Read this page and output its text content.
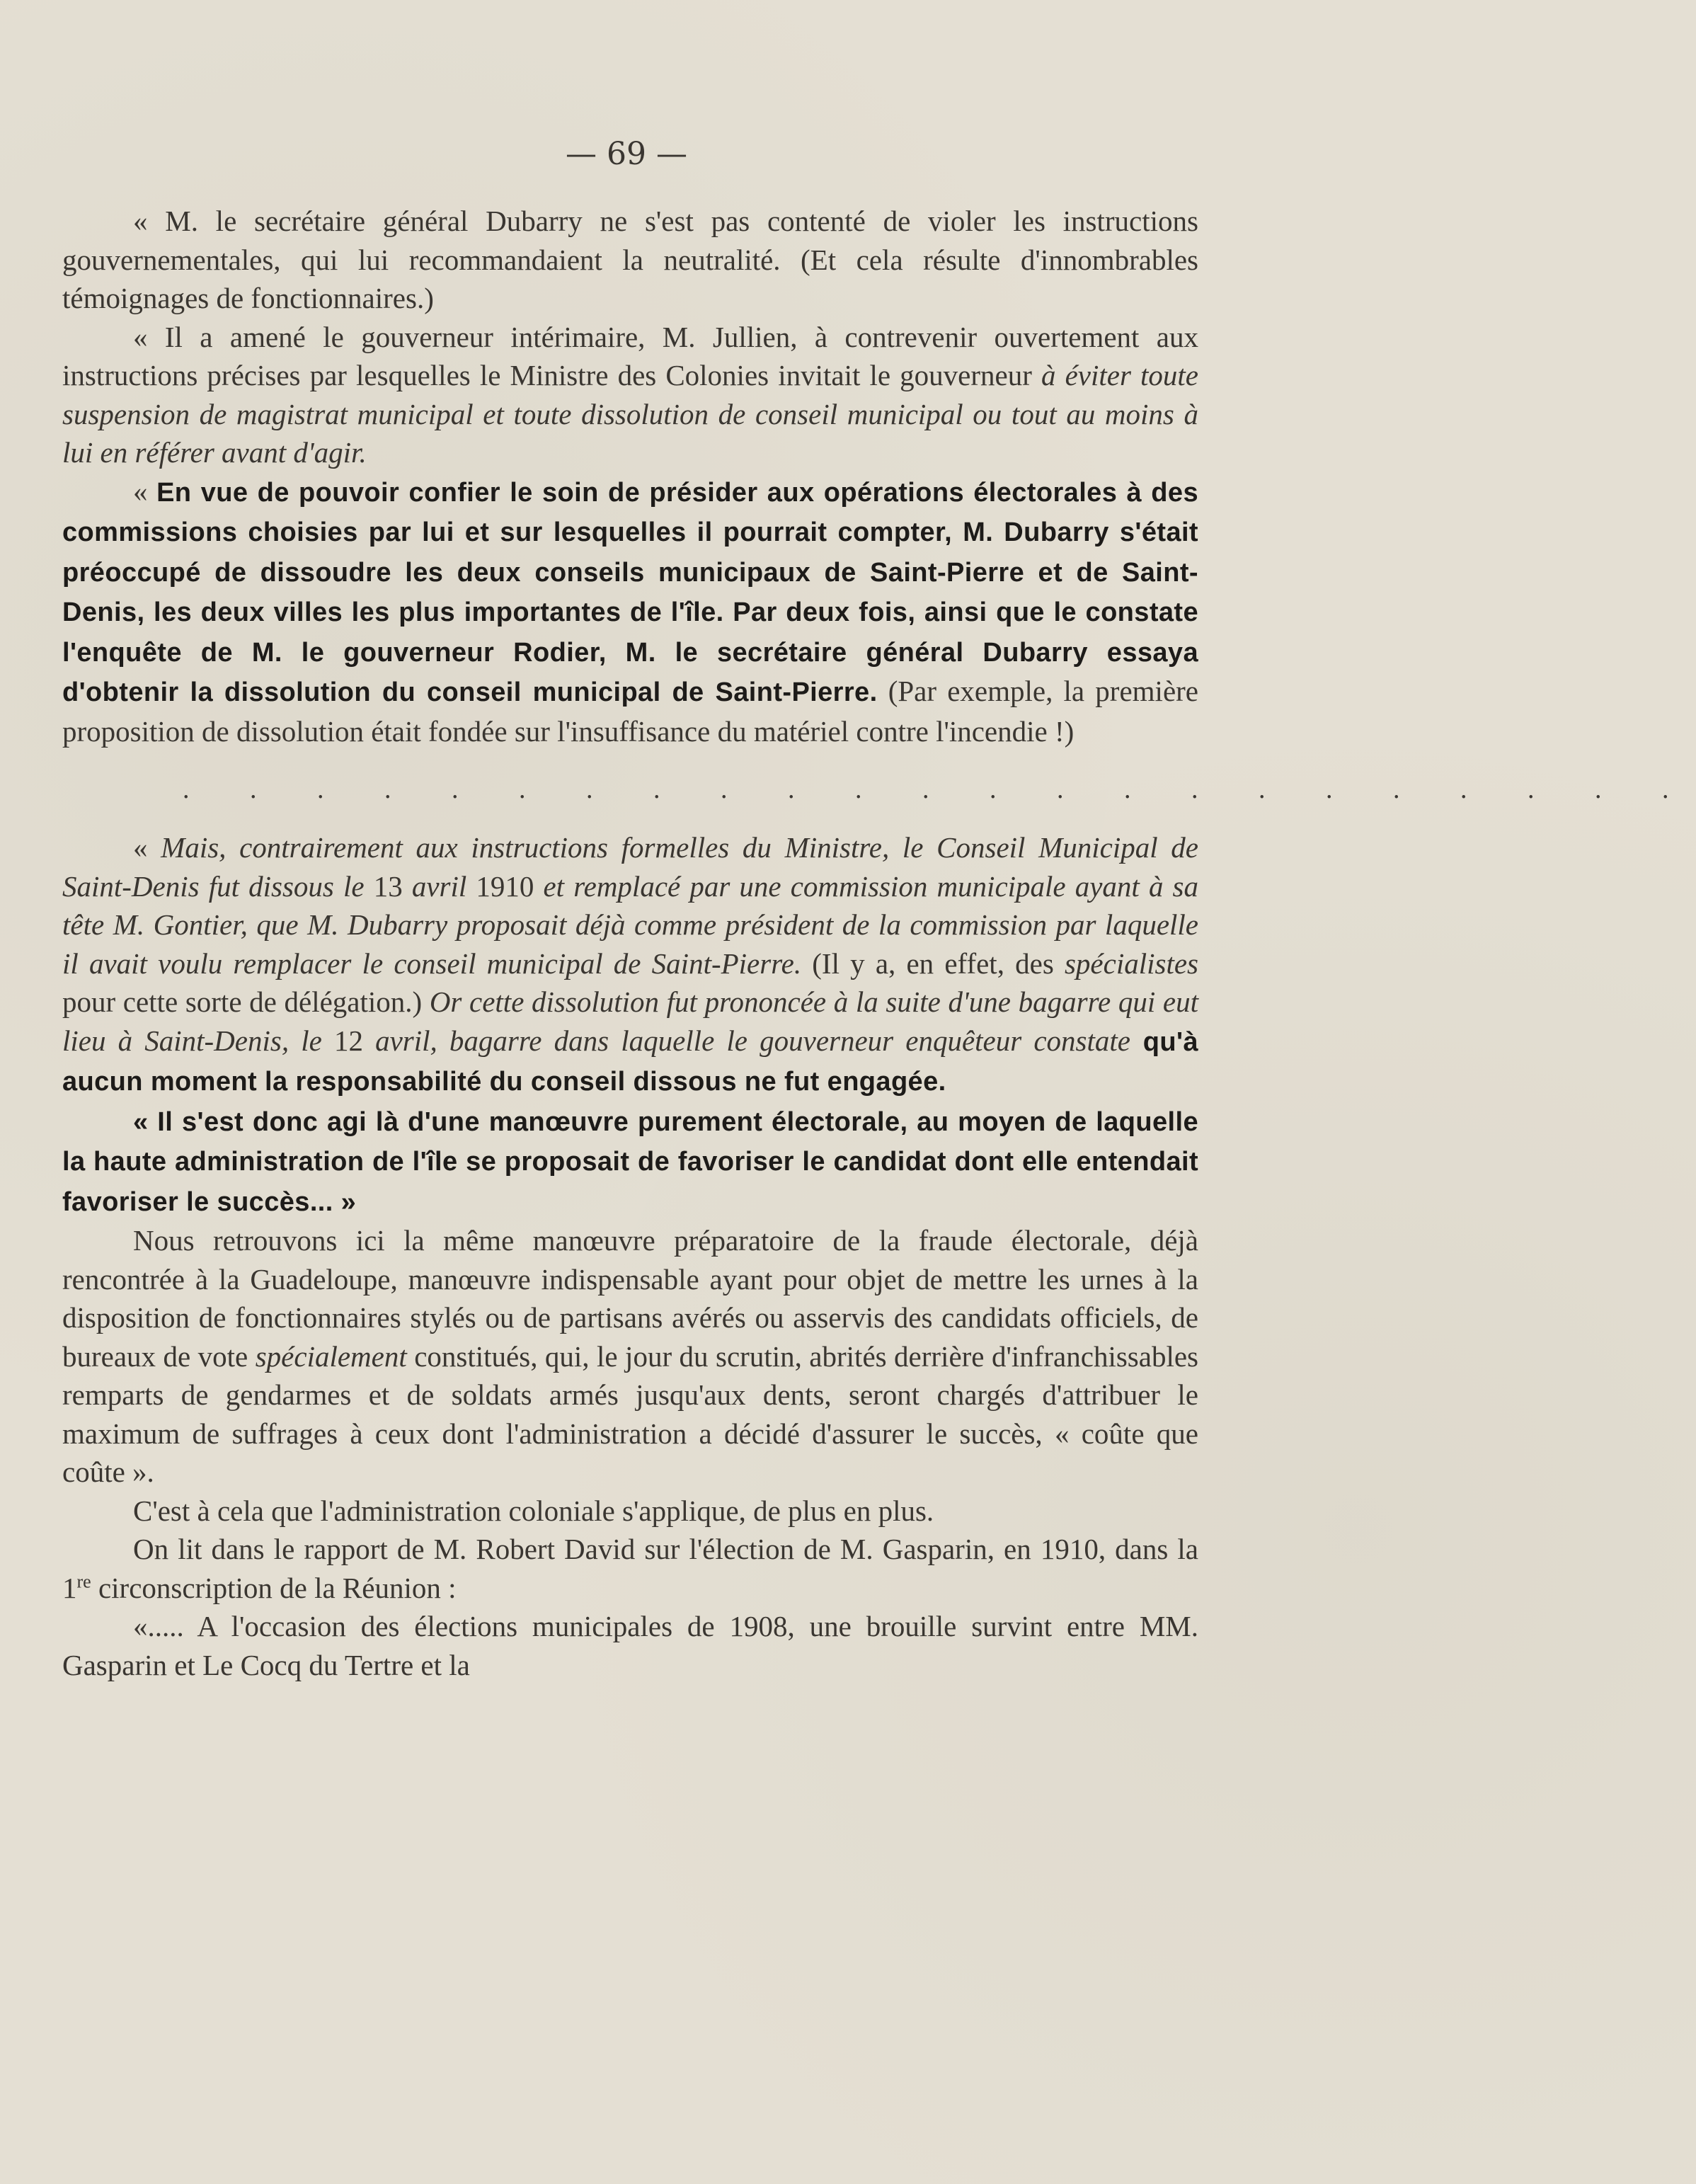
— 69 —

« M. le secrétaire général Dubarry ne s'est pas contenté de violer les instructions gouvernementales, qui lui recommandaient la neutralité. (Et cela résulte d'innombrables témoignages de fonctionnaires.)

« Il a amené le gouverneur intérimaire, M. Jullien, à contrevenir ouvertement aux instructions précises par lesquelles le Ministre des Colonies invitait le gouverneur à éviter toute suspension de magistrat municipal et toute dissolution de conseil municipal ou tout au moins à lui en référer avant d'agir.

« En vue de pouvoir confier le soin de présider aux opérations électorales à des commissions choisies par lui et sur lesquelles il pourrait compter, M. Dubarry s'était préoccupé de dissoudre les deux conseils municipaux de Saint-Pierre et de Saint-Denis, les deux villes les plus importantes de l'île. Par deux fois, ainsi que le constate l'enquête de M. le gouverneur Rodier, M. le secrétaire général Dubarry essaya d'obtenir la dissolution du conseil municipal de Saint-Pierre. (Par exemple, la première proposition de dissolution était fondée sur l'insuffisance du matériel contre l'incendie !)

. . . . . . . . . . . . . . . . . . . . . . .

« Mais, contrairement aux instructions formelles du Ministre, le Conseil Municipal de Saint-Denis fut dissous le 13 avril 1910 et remplacé par une commission municipale ayant à sa tête M. Gontier, que M. Dubarry proposait déjà comme président de la commission par laquelle il avait voulu remplacer le conseil municipal de Saint-Pierre. (Il y a, en effet, des spécialistes pour cette sorte de délégation.) Or cette dissolution fut prononcée à la suite d'une bagarre qui eut lieu à Saint-Denis, le 12 avril, bagarre dans laquelle le gouverneur enquêteur constate qu'à aucun moment la responsabilité du conseil dissous ne fut engagée.

« Il s'est donc agi là d'une manœuvre purement électorale, au moyen de laquelle la haute administration de l'île se proposait de favoriser le candidat dont elle entendait favoriser le succès... »

Nous retrouvons ici la même manœuvre préparatoire de la fraude électorale, déjà rencontrée à la Guadeloupe, manœuvre indispensable ayant pour objet de mettre les urnes à la disposition de fonctionnaires stylés ou de partisans avérés ou asservis des candidats officiels, de bureaux de vote spécialement constitués, qui, le jour du scrutin, abrités derrière d'infranchissables remparts de gendarmes et de soldats armés jusqu'aux dents, seront chargés d'attribuer le maximum de suffrages à ceux dont l'administration a décidé d'assurer le succès, « coûte que coûte ».

C'est à cela que l'administration coloniale s'applique, de plus en plus.

On lit dans le rapport de M. Robert David sur l'élection de M. Gasparin, en 1910, dans la 1re circonscription de la Réunion :

«..... A l'occasion des élections municipales de 1908, une brouille survint entre MM. Gasparin et Le Cocq du Tertre et la
